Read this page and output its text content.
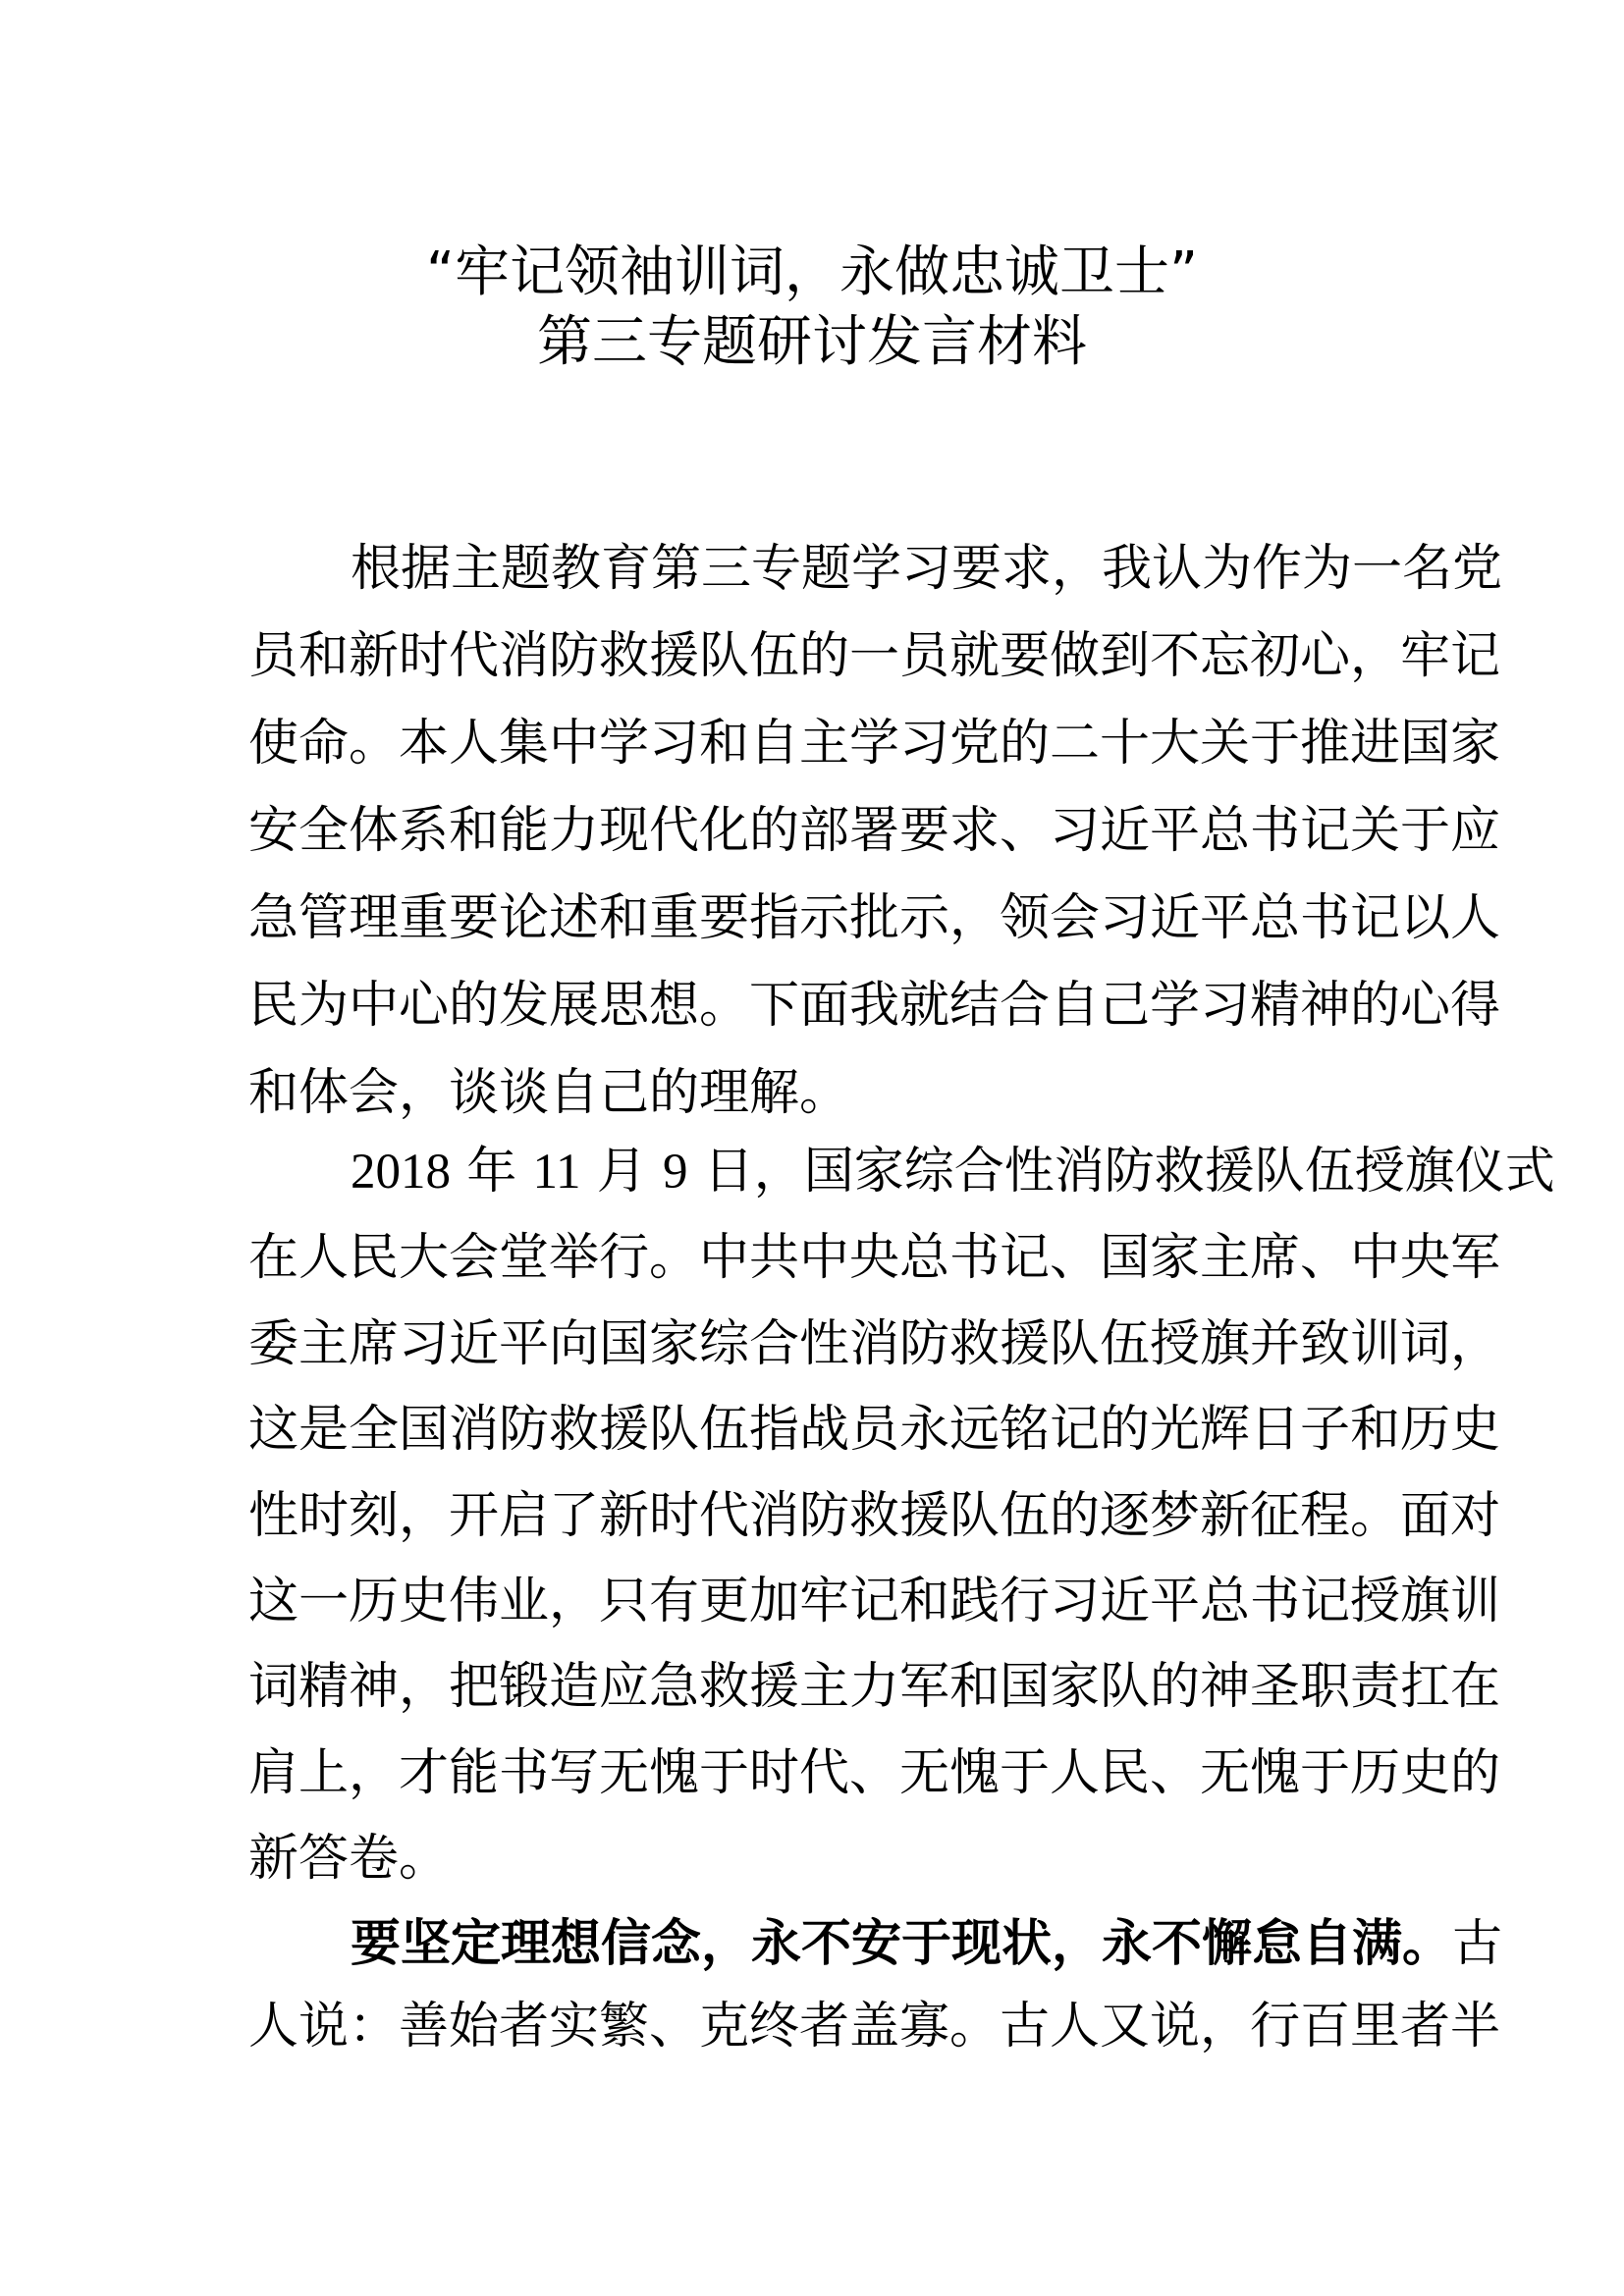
“牢记领袖训词，永做忠诚卫士”
第三专题研讨发言材料
根据主题教育第三专题学习要求，我认为作为一名党
员和新时代消防救援队伍的一员就要做到不忘初心，牢记
使命。本人集中学习和自主学习党的二十大关于推进国家
安全体系和能力现代化的部署要求、习近平总书记关于应
急管理重要论述和重要指示批示，领会习近平总书记以人
民为中心的发展思想。下面我就结合自己学习精神的心得
和体会，谈谈自己的理解。
2018 年 11 月 9 日，国家综合性消防救援队伍授旗仪式
在人民大会堂举行。中共中央总书记、国家主席、中央军
委主席习近平向国家综合性消防救援队伍授旗并致训词，
这是全国消防救援队伍指战员永远铭记的光辉日子和历史
性时刻，开启了新时代消防救援队伍的逐梦新征程。面对
这一历史伟业，只有更加牢记和践行习近平总书记授旗训
词精神，把锻造应急救援主力军和国家队的神圣职责扛在
肩上，才能书写无愧于时代、无愧于人民、无愧于历史的
新答卷。
要坚定理想信念，永不安于现状，永不懈怠自满。古
人说：善始者实繁、克终者盖寡。古人又说，行百里者半
